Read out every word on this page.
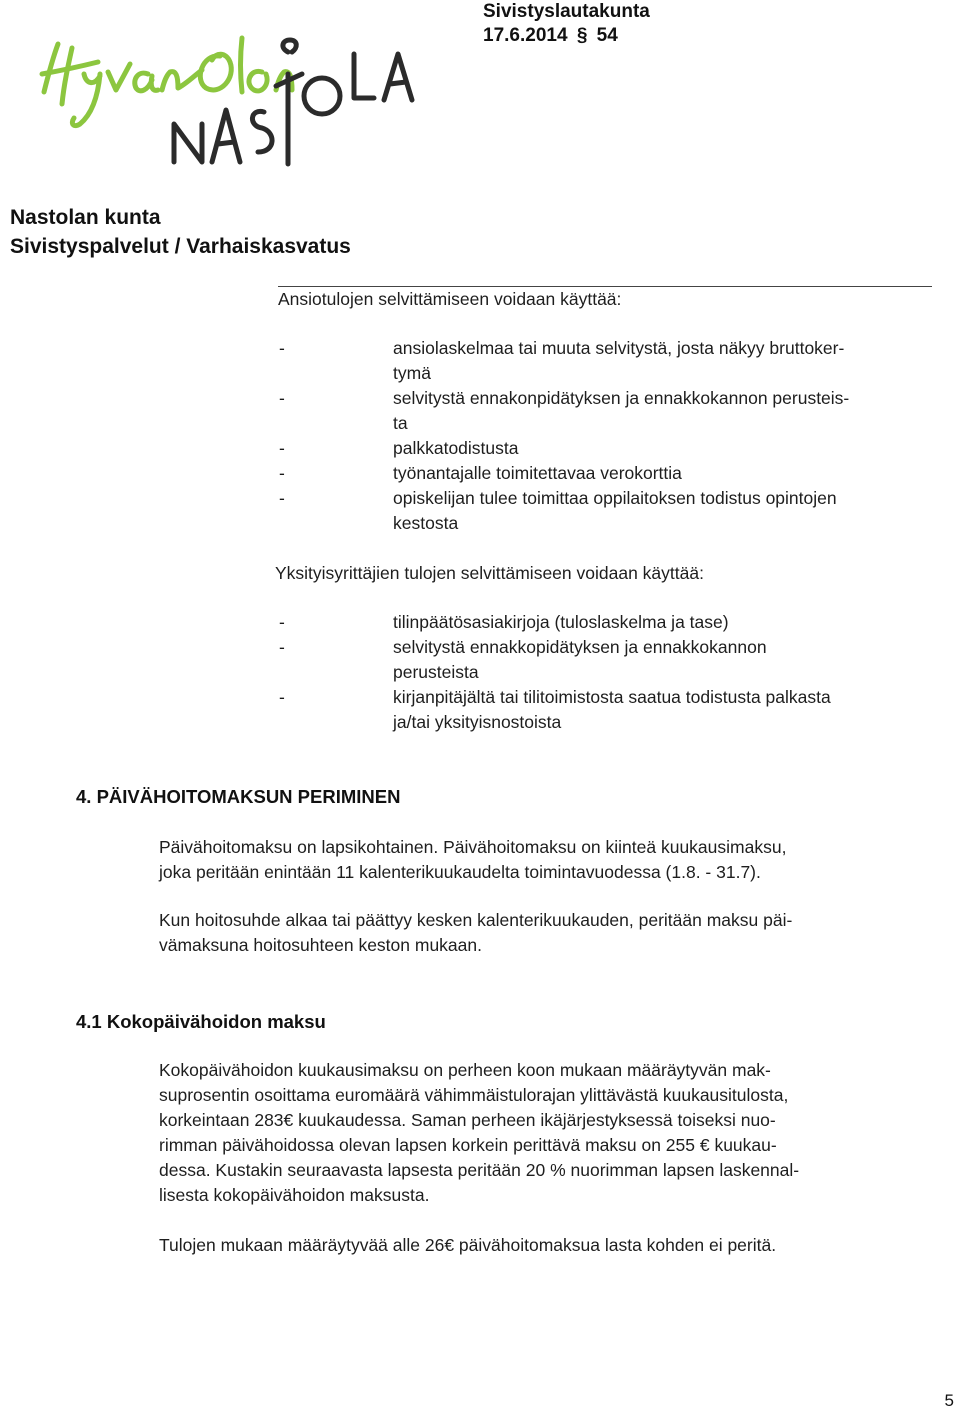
Sivistyslautakunta
17.6.2014 § 54
Nastolan kunta
Sivistyspalvelut / Varhaiskasvatus
Ansiotulojen selvittämiseen voidaan käyttää:
-	ansiolaskelmaa tai muuta selvitystä, josta näkyy bruttoker-
tymä
-	selvitystä ennakonpidätyksen ja ennakkokannon perusteis-
ta
-	palkkatodistusta
-	työnantajalle toimitettavaa verokorttia
-	opiskelijan tulee toimittaa oppilaitoksen todistus opintojen
kestosta
Yksityisyrittäjien tulojen selvittämiseen voidaan käyttää:
-	tilinpäätösasiakirjoja (tuloslaskelma ja tase)
-	selvitystä ennakkopidätyksen ja ennakkokannon
perusteista
-	kirjanpitäjältä tai tilitoimistosta saatua todistusta palkasta
ja/tai yksityisnostoista
4. PÄIVÄHOITOMAKSUN PERIMINEN
Päivähoitomaksu on lapsikohtainen. Päivähoitomaksu on kiinteä kuukausimaksu,
joka peritään enintään 11 kalenterikuukaudelta toimintavuodessa (1.8. - 31.7).
Kun hoitosuhde alkaa tai päättyy kesken kalenterikuukauden, peritään maksu päi-
vämaksuna hoitosuhteen keston mukaan.
4.1 Kokopäivähoidon maksu
Kokopäivähoidon kuukausimaksu on perheen koon mukaan määräytyvän mak-
suprosentin osoittama euromäärä vähimmäistulorajan ylittävästä kuukausitulosta,
korkeintaan 283€ kuukaudessa. Saman perheen ikäjärjestyksessä toiseksi nuo-
rimman päivähoidossa olevan lapsen korkein perittävä maksu on 255 € kuukau-
dessa. Kustakin seuraavasta lapsesta peritään 20 % nuorimman lapsen laskennal-
lisesta kokopäivähoidon maksusta.
Tulojen mukaan määräytyvää alle 26€ päivähoitomaksua lasta kohden ei peritä.
5
